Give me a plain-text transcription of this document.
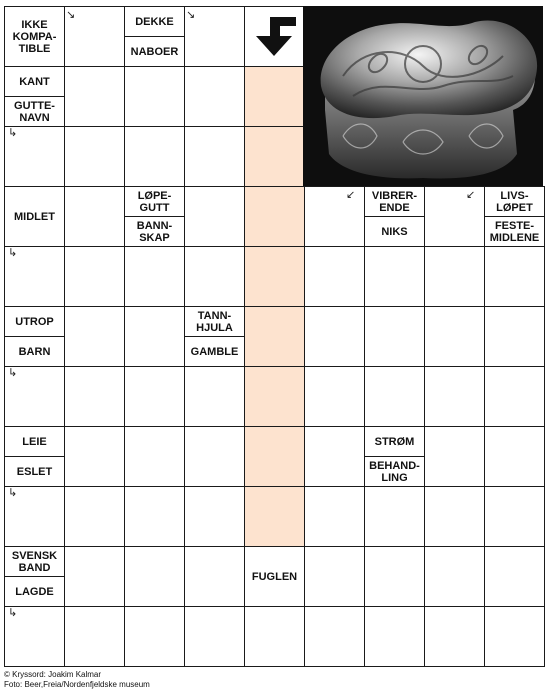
IKKE
KOMPA-
TIBLE
DEKKE
NABOER
KANT
GUTTE-
NAVN
MIDLET
LØPE-
GUTT
BANN-
SKAP
VIBRER-
ENDE
NIKS
LIVS-
LØPET
FESTE-
MIDLENE
UTROP
BARN
TANN-
HJULA
GAMBLE
LEIE
ESLET
STRØM
BEHAND-
LING
SVENSK
BAND
LAGDE
FUGLEN
↘	↘
↳
↳
↳
↳
↳
↙	↙
© Kryssord: Joakim Kalmar
Foto: Beer,Freia/Nordenfjeldske museum
